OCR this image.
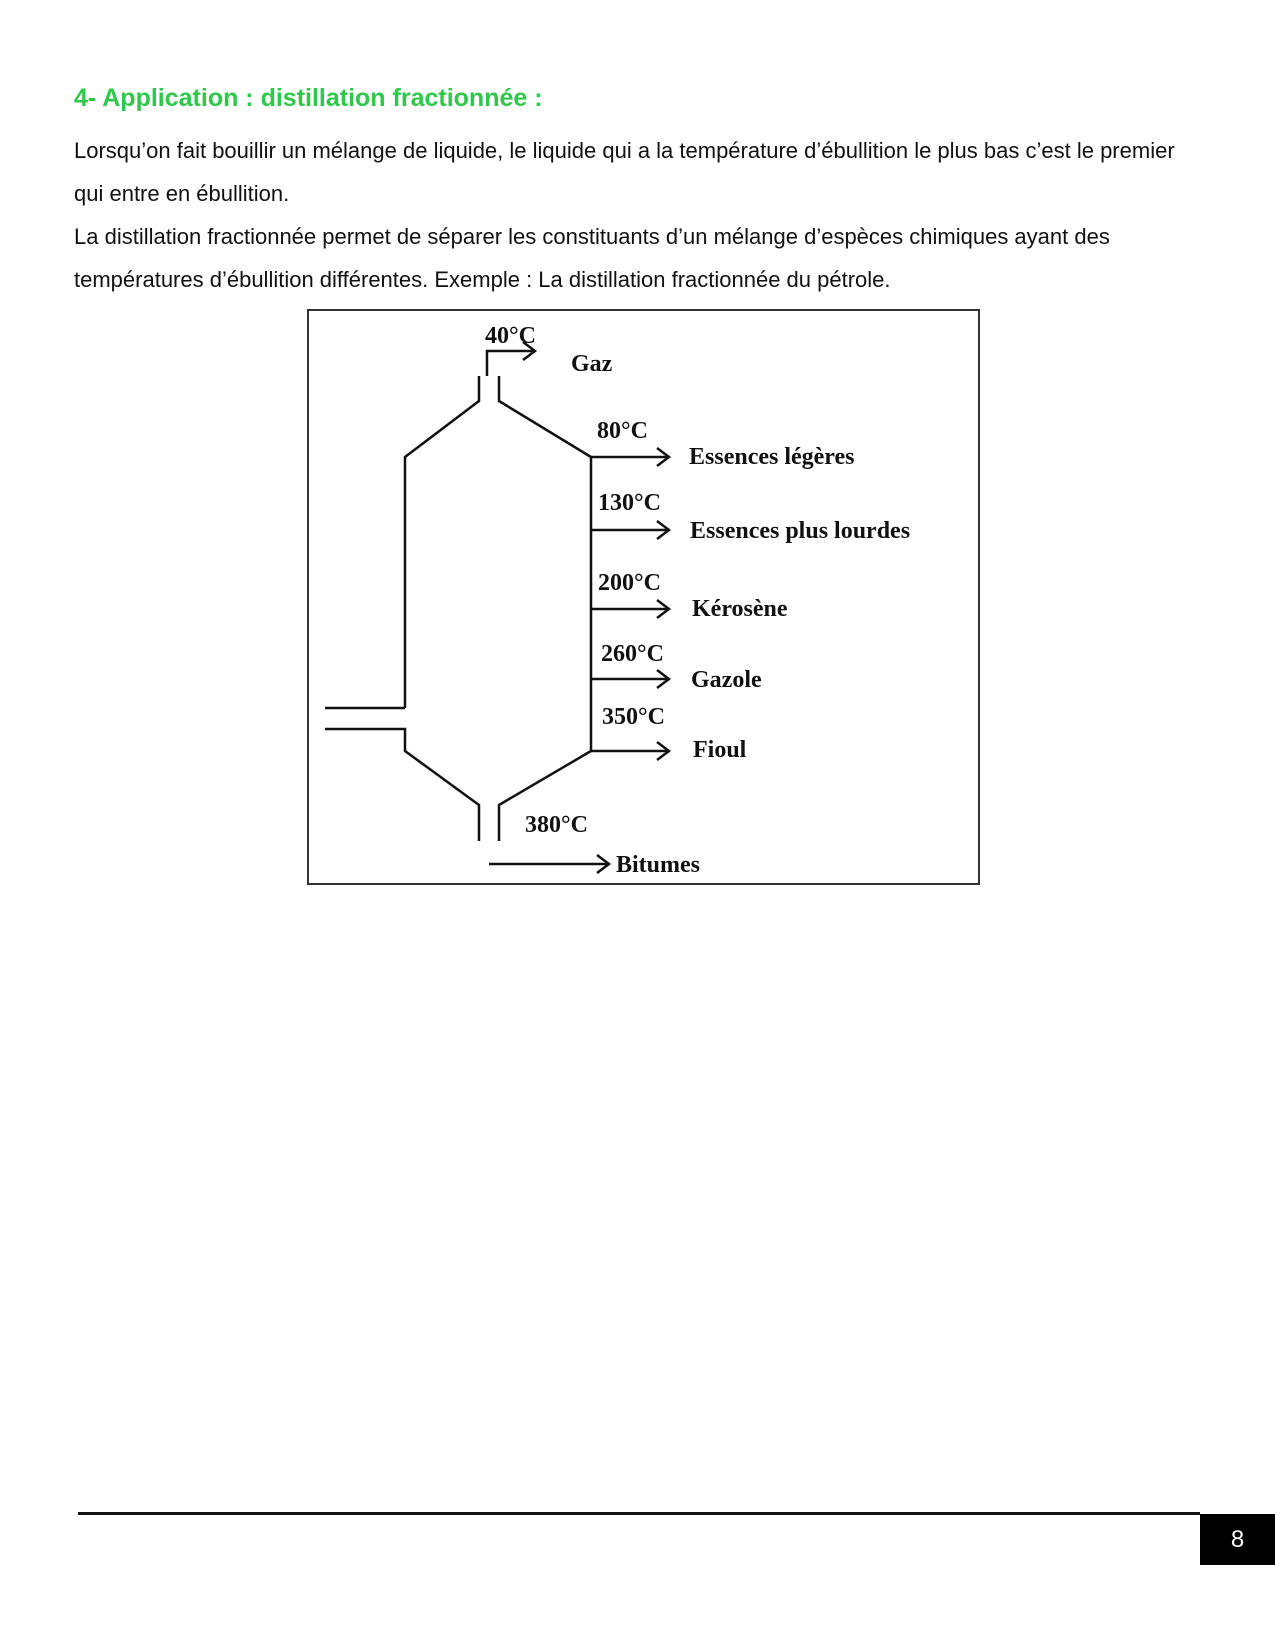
4- Application : distillation fractionnée :

Lorsqu’on fait bouillir un mélange de liquide, le liquide qui a la température d’ébullition le plus bas c’est le premier qui entre en ébullition.

La distillation fractionnée permet de séparer les constituants d’un mélange d’espèces chimiques ayant des températures d’ébullition différentes. Exemple : La distillation fractionnée du pétrole.

40°C
Gaz
80°C
Essences légères
130°C
Essences plus lourdes
200°C
Kérosène
260°C
Gazole
350°C
Fioul
380°C
Bitumes
8
